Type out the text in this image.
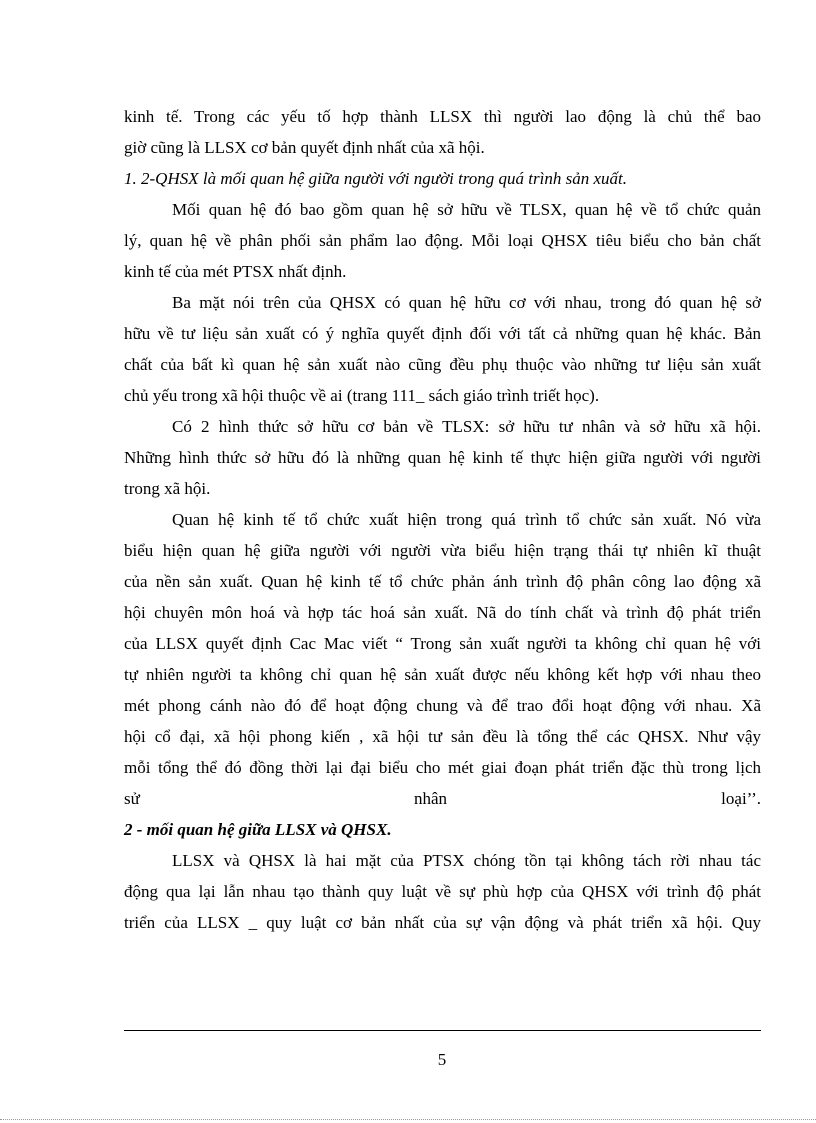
kinh tế. Trong các yếu tố hợp thành LLSX thì người lao động là chủ thể bao
giờ cũng là LLSX cơ bản quyết định nhất của xã hội.
1. 2-QHSX là mối quan hệ giữa người với người trong quá trình sản xuất.
Mối quan hệ đó bao gồm quan hệ sở hữu về TLSX, quan hệ về tổ chức quản
lý, quan hệ về phân phối sản phẩm lao động. Mỗi loại QHSX tiêu biểu cho bản chất
kinh tế của mét PTSX nhất định.
Ba mặt nói trên của QHSX có quan hệ hữu cơ với nhau, trong đó quan hệ sở
hữu về tư liệu sản xuất có ý nghĩa quyết định đối với tất cả những quan hệ khác. Bản
chất của bất kì quan hệ sản xuất nào cũng đều phụ thuộc vào những tư liệu sản xuất
chủ yếu trong xã hội thuộc về ai (trang 111_ sách giáo trình triết học).
Có 2 hình thức sở hữu cơ bản về TLSX: sở hữu tư nhân và sở hữu xã hội.
Những hình thức sở hữu đó là những quan hệ kinh tế thực hiện giữa người với người
trong xã hội.
Quan hệ kinh tế tổ chức xuất hiện trong quá trình tổ chức sản xuất. Nó vừa
biểu hiện quan hệ giữa người với người vừa biểu hiện trạng thái tự nhiên kĩ thuật
của nền sản xuất. Quan hệ kinh tế tổ chức phản ánh trình độ phân công lao động xã
hội chuyên môn hoá và hợp tác hoá sản xuất. Nã do tính chất và trình độ phát triển
của LLSX quyết định Cac Mac viết “ Trong sản xuất người ta không chỉ quan hệ với
tự nhiên người ta không chỉ quan hệ sản xuất được nếu không kết hợp với nhau theo
mét phong cánh nào đó để hoạt động chung và để trao đổi hoạt động với nhau. Xã
hội cổ đại, xã hội phong kiến , xã hội tư sản đều là tổng thể các QHSX. Như vậy
mỗi tổng thể đó đồng thời lại đại biểu cho mét giai đoạn phát triển đặc thù trong lịch
sử	nhân	loại’’.
2 - mối quan hệ giữa LLSX và QHSX.
LLSX và QHSX là hai mặt của PTSX chóng tồn tại không tách rời nhau tác
động qua lại lẫn nhau tạo thành quy luật về sự phù hợp của QHSX với trình độ phát
triển của LLSX _ quy luật cơ bản nhất của sự vận động và phát triển xã hội. Quy
5
